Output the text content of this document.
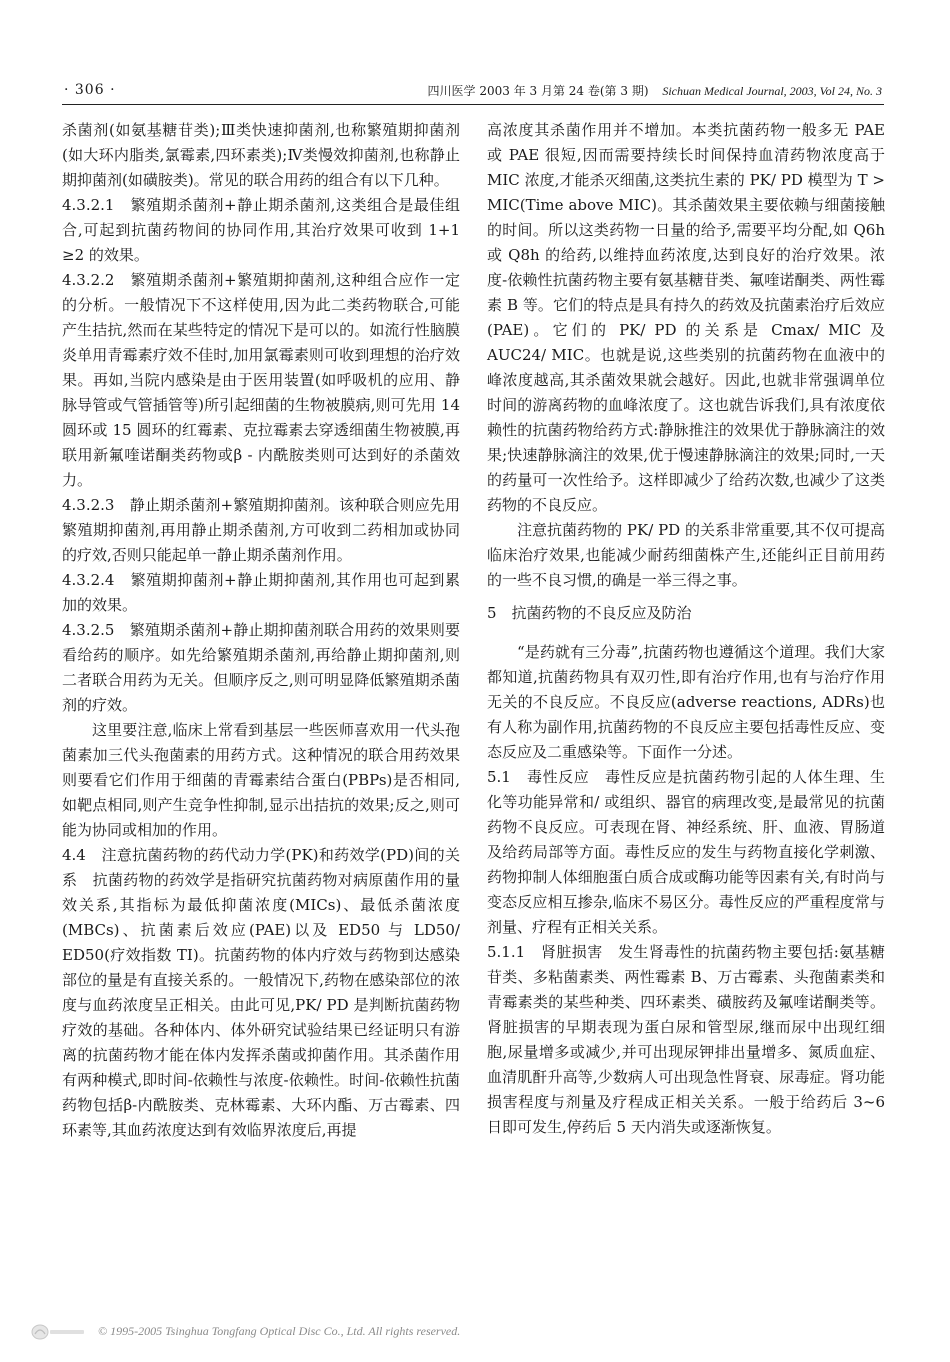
· 306 ·	四川医学 2003 年 3 月第 24 卷(第 3 期) Sichuan Medical Journal, 2003, Vol 24, No. 3

杀菌剂(如氨基糖苷类);Ⅲ类快速抑菌剂,也称繁殖期抑菌剂(如大环内脂类,氯霉素,四环素类);Ⅳ类慢效抑菌剂,也称静止期抑菌剂(如磺胺类)。常见的联合用药的组合有以下几种。

4.3.2.1　繁殖期杀菌剂+静止期杀菌剂,这类组合是最佳组合,可起到抗菌药物间的协同作用,其治疗效果可收到 1+1 ≥2 的效果。

4.3.2.2　繁殖期杀菌剂+繁殖期抑菌剂,这种组合应作一定的分析。一般情况下不这样使用,因为此二类药物联合,可能产生拮抗,然而在某些特定的情况下是可以的。如流行性脑膜炎单用青霉素疗效不佳时,加用氯霉素则可收到理想的治疗效果。再如,当院内感染是由于医用装置(如呼吸机的应用、静脉导管或气管插管等)所引起细菌的生物被膜病,则可先用 14 圆环或 15 圆环的红霉素、克拉霉素去穿透细菌生物被膜,再联用新氟喹诺酮类药物或β - 内酰胺类则可达到好的杀菌效力。

4.3.2.3　静止期杀菌剂+繁殖期抑菌剂。该种联合则应先用繁殖期抑菌剂,再用静止期杀菌剂,方可收到二药相加或协同的疗效,否则只能起单一静止期杀菌剂作用。

4.3.2.4　繁殖期抑菌剂+静止期抑菌剂,其作用也可起到累加的效果。

4.3.2.5　繁殖期杀菌剂+静止期抑菌剂联合用药的效果则要看给药的顺序。如先给繁殖期杀菌剂,再给静止期抑菌剂,则二者联合用药为无关。但顺序反之,则可明显降低繁殖期杀菌剂的疗效。

这里要注意,临床上常看到基层一些医师喜欢用一代头孢菌素加三代头孢菌素的用药方式。这种情况的联合用药效果则要看它们作用于细菌的青霉素结合蛋白(PBPs)是否相同,如靶点相同,则产生竞争性抑制,显示出拮抗的效果;反之,则可能为协同或相加的作用。

4.4　注意抗菌药物的药代动力学(PK)和药效学(PD)间的关系　抗菌药物的药效学是指研究抗菌药物对病原菌作用的量效关系,其指标为最低抑菌浓度(MICs)、最低杀菌浓度(MBCs)、抗菌素后效应(PAE)以及 ED50 与 LD50/ ED50(疗效指数 TI)。抗菌药物的体内疗效与药物到达感染部位的量是有直接关系的。一般情况下,药物在感染部位的浓度与血药浓度呈正相关。由此可见,PK/ PD 是判断抗菌药物疗效的基础。各种体内、体外研究试验结果已经证明只有游离的抗菌药物才能在体内发挥杀菌或抑菌作用。其杀菌作用有两种模式,即时间-依赖性与浓度-依赖性。时间-依赖性抗菌药物包括β-内酰胺类、克林霉素、大环内酯、万古霉素、四环素等,其血药浓度达到有效临界浓度后,再提

高浓度其杀菌作用并不增加。本类抗菌药物一般多无 PAE 或 PAE 很短,因而需要持续长时间保持血清药物浓度高于 MIC 浓度,才能杀灭细菌,这类抗生素的 PK/ PD 模型为 T > MIC(Time above MIC)。其杀菌效果主要依赖与细菌接触的时间。所以这类药物一日量的给予,需要平均分配,如 Q6h 或 Q8h 的给药,以维持血药浓度,达到良好的治疗效果。浓度-依赖性抗菌药物主要有氨基糖苷类、氟喹诺酮类、两性霉素 B 等。它们的特点是具有持久的药效及抗菌素治疗后效应(PAE)。它们的 PK/ PD 的关系是 Cmax/ MIC 及 AUC24/ MIC。也就是说,这些类别的抗菌药物在血液中的峰浓度越高,其杀菌效果就会越好。因此,也就非常强调单位时间的游离药物的血峰浓度了。这也就告诉我们,具有浓度依赖性的抗菌药物给药方式:静脉推注的效果优于静脉滴注的效果;快速静脉滴注的效果,优于慢速静脉滴注的效果;同时,一天的药量可一次性给予。这样即减少了给药次数,也减少了这类药物的不良反应。

注意抗菌药物的 PK/ PD 的关系非常重要,其不仅可提高临床治疗效果,也能减少耐药细菌株产生,还能纠正目前用药的一些不良习惯,的确是一举三得之事。

5　抗菌药物的不良反应及防治

“是药就有三分毒”,抗菌药物也遵循这个道理。我们大家都知道,抗菌药物具有双刃性,即有治疗作用,也有与治疗作用无关的不良反应。不良反应(adverse reactions, ADRs)也有人称为副作用,抗菌药物的不良反应主要包括毒性反应、变态反应及二重感染等。下面作一分述。

5.1　毒性反应　毒性反应是抗菌药物引起的人体生理、生化等功能异常和/ 或组织、器官的病理改变,是最常见的抗菌药物不良反应。可表现在肾、神经系统、肝、血液、胃肠道及给药局部等方面。毒性反应的发生与药物直接化学刺激、药物抑制人体细胞蛋白质合成或酶功能等因素有关,有时尚与变态反应相互掺杂,临床不易区分。毒性反应的严重程度常与剂量、疗程有正相关关系。

5.1.1　肾脏损害　发生肾毒性的抗菌药物主要包括:氨基糖苷类、多粘菌素类、两性霉素 B、万古霉素、头孢菌素类和青霉素类的某些种类、四环素类、磺胺药及氟喹诺酮类等。肾脏损害的早期表现为蛋白尿和管型尿,继而尿中出现红细胞,尿量增多或减少,并可出现尿钾排出量增多、氮质血症、血清肌酐升高等,少数病人可出现急性肾衰、尿毒症。肾功能损害程度与剂量及疗程成正相关关系。一般于给药后 3~6 日即可发生,停药后 5 天内消失或逐渐恢复。

© 1995-2005 Tsinghua Tongfang Optical Disc Co., Ltd. All rights reserved.
